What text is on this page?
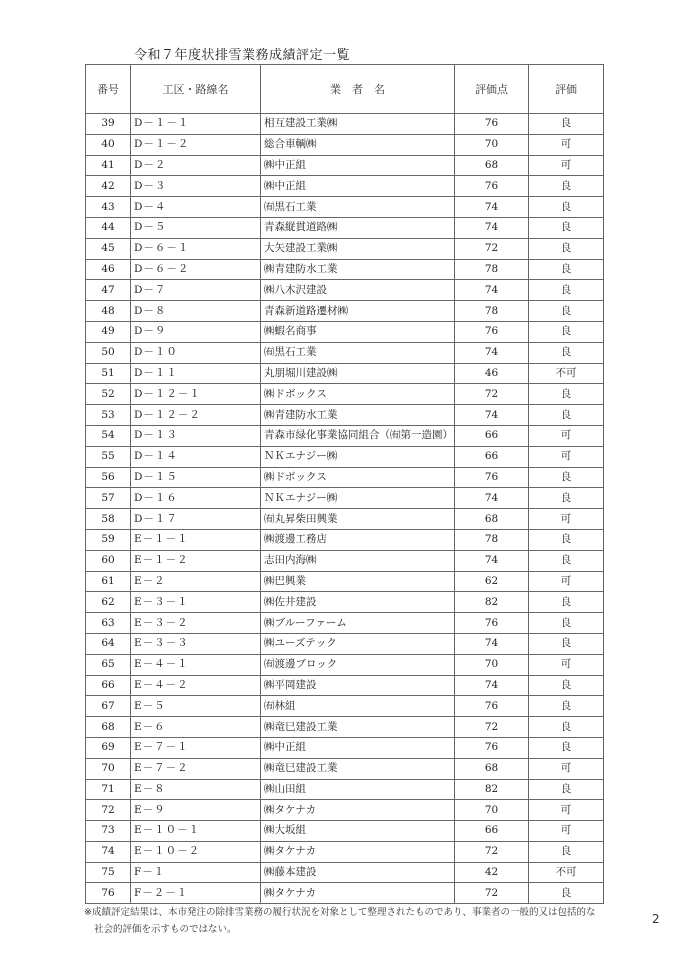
令和７年度状排雪業務成績評定一覧
番号	工区・路線名	業　者　名	評価点	評価
39	D－１－１	相互建設工業㈱	76	良
40	D－１－２	総合車輌㈱	70	可
41	D－２	㈱中正組	68	可
42	D－３	㈱中正組	76	良
43	D－４	㈲黒石工業	74	良
44	D－５	青森縦貫道路㈱	74	良
45	D－６－１	大矢建設工業㈱	72	良
46	D－６－２	㈱青建防水工業	78	良
47	D－７	㈱八木沢建設	74	良
48	D－８	青森新道路遷材㈱	78	良
49	D－９	㈱蝦名商事	76	良
50	D－１０	㈲黒石工業	74	良
51	D－１１	丸朋堀川建設㈱	46	不可
52	D－１２－１	㈱ドボックス	72	良
53	D－１２－２	㈱青建防水工業	74	良
54	D－１３	青森市緑化事業協同組合（㈲第一造園）	66	可
55	D－１４	ＮＫエナジー㈱	66	可
56	D－１５	㈱ドボックス	76	良
57	D－１６	ＮＫエナジー㈱	74	良
58	D－１７	㈲丸昇柴田興業	68	可
59	E－１－１	㈱渡邊工務店	78	良
60	E－１－２	志田内海㈱	74	良
61	E－２	㈱巴興業	62	可
62	E－３－１	㈱佐井建設	82	良
63	E－３－２	㈱ブルーファーム	76	良
64	E－３－３	㈱ユーズテック	74	良
65	E－４－１	㈲渡邊ブロック	70	可
66	E－４－２	㈱平岡建設	74	良
67	E－５	㈲林組	76	良
68	E－６	㈱竜巳建設工業	72	良
69	E－７－１	㈱中正組	76	良
70	E－７－２	㈱竜巳建設工業	68	可
71	E－８	㈱山田組	82	良
72	E－９	㈱タケナカ	70	可
73	E－１０－１	㈱大坂組	66	可
74	E－１０－２	㈱タケナカ	72	良
75	F－１	㈱藤本建設	42	不可
76	F－２－１	㈱タケナカ	72	良
※成績評定結果は、本市発注の除排雪業務の履行状況を対象として整理されたものであり、事業者の一般的又は包括的な
社会的評価を示すものではない。
2
